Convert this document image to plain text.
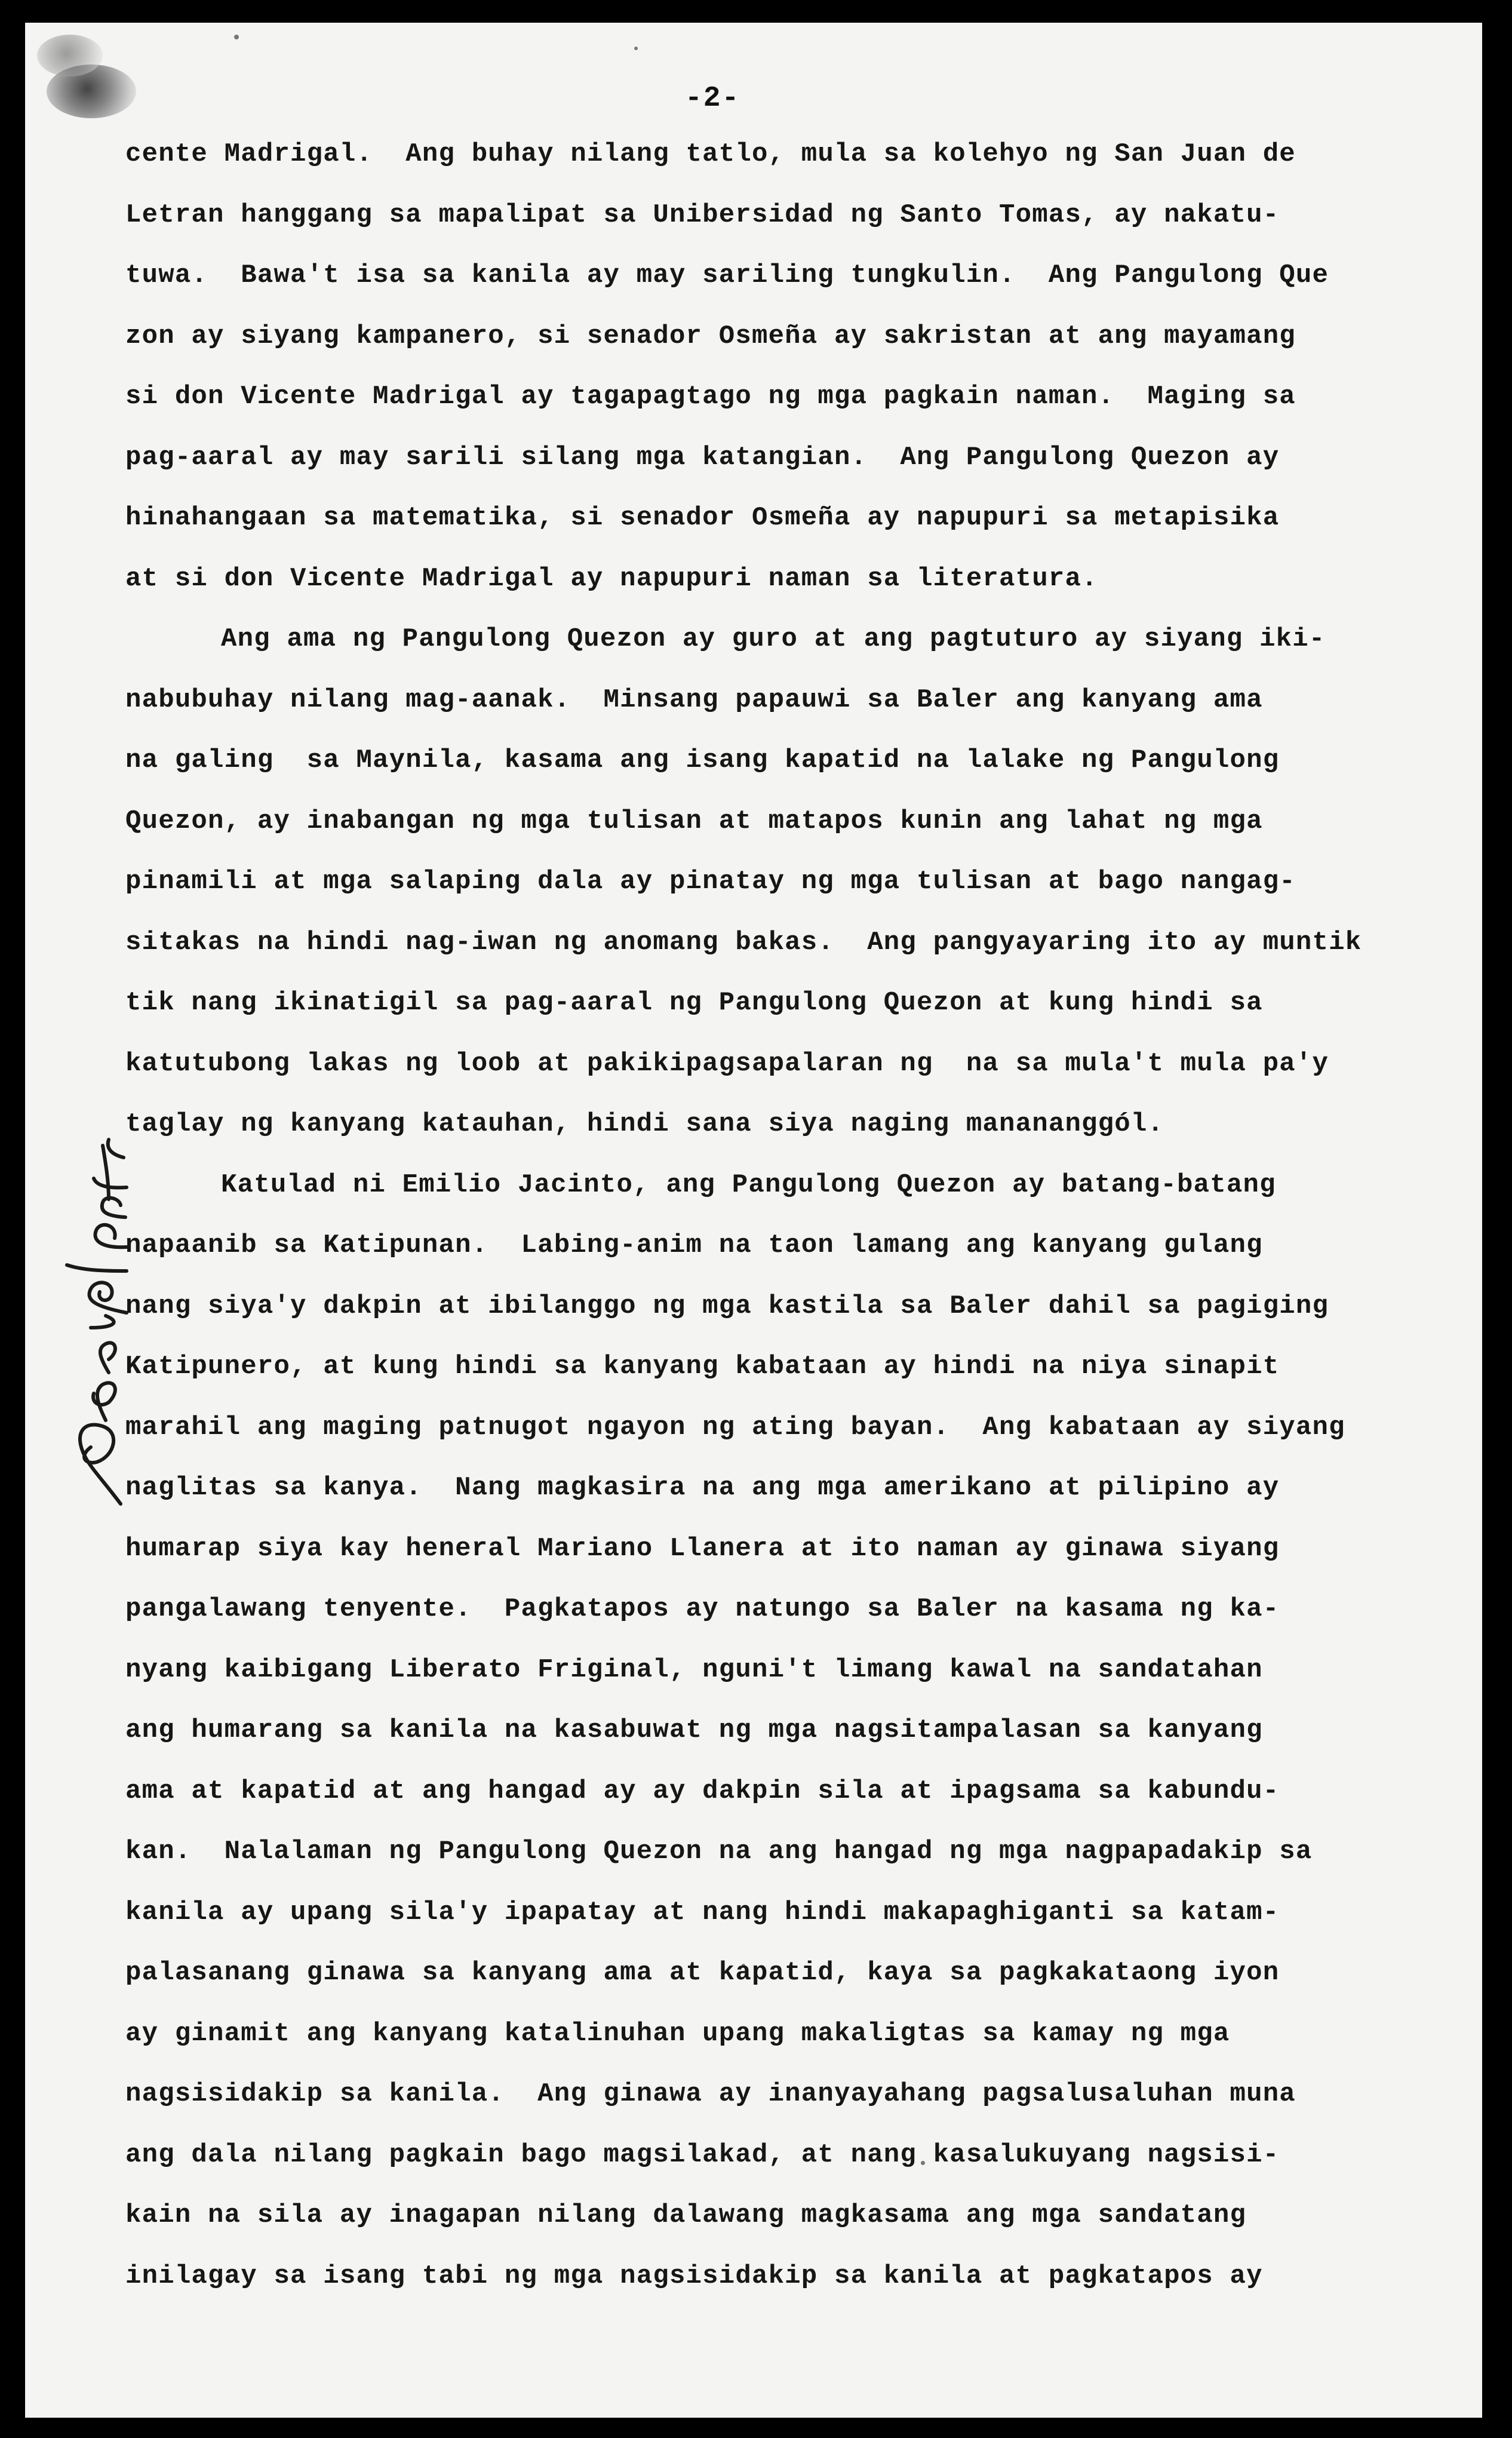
-2-
cente Madrigal.  Ang buhay nilang tatlo, mula sa kolehyo ng San Juan de
Letran hanggang sa mapalipat sa Unibersidad ng Santo Tomas, ay nakatu-
tuwa.  Bawa't isa sa kanila ay may sariling tungkulin.  Ang Pangulong Que
zon ay siyang kampanero, si senador Osmeña ay sakristan at ang mayamang
si don Vicente Madrigal ay tagapagtago ng mga pagkain naman.  Maging sa
pag-aaral ay may sarili silang mga katangian.  Ang Pangulong Quezon ay
hinahangaan sa matematika, si senador Osmeña ay napupuri sa metapisika
at si don Vicente Madrigal ay napupuri naman sa literatura.
Ang ama ng Pangulong Quezon ay guro at ang pagtuturo ay siyang iki-
nabubuhay nilang mag-aanak.  Minsang papauwi sa Baler ang kanyang ama
na galing  sa Maynila, kasama ang isang kapatid na lalake ng Pangulong
Quezon, ay inabangan ng mga tulisan at matapos kunin ang lahat ng mga
pinamili at mga salaping dala ay pinatay ng mga tulisan at bago nangag-
sitakas na hindi nag-iwan ng anomang bakas.  Ang pangyayaring ito ay muntik
tik nang ikinatigil sa pag-aaral ng Pangulong Quezon at kung hindi sa
katutubong lakas ng loob at pakikipagsapalaran ng  na sa mula't mula pa'y
taglay ng kanyang katauhan, hindi sana siya naging manananggól.
Katulad ni Emilio Jacinto, ang Pangulong Quezon ay batang-batang
napaanib sa Katipunan.  Labing-anim na taon lamang ang kanyang gulang
nang siya'y dakpin at ibilanggo ng mga kastila sa Baler dahil sa pagiging
Katipunero, at kung hindi sa kanyang kabataan ay hindi na niya sinapit
marahil ang maging patnugot ngayon ng ating bayan.  Ang kabataan ay siyang
naglitas sa kanya.  Nang magkasira na ang mga amerikano at pilipino ay
humarap siya kay heneral Mariano Llanera at ito naman ay ginawa siyang
pangalawang tenyente.  Pagkatapos ay natungo sa Baler na kasama ng ka-
nyang kaibigang Liberato Friginal, nguni't limang kawal na sandatahan
ang humarang sa kanila na kasabuwat ng mga nagsitampalasan sa kanyang
ama at kapatid at ang hangad ay ay dakpin sila at ipagsama sa kabundu-
kan.  Nalalaman ng Pangulong Quezon na ang hangad ng mga nagpapadakip sa
kanila ay upang sila'y ipapatay at nang hindi makapaghiganti sa katam-
palasanang ginawa sa kanyang ama at kapatid, kaya sa pagkakataong iyon
ay ginamit ang kanyang katalinuhan upang makaligtas sa kamay ng mga
nagsisidakip sa kanila.  Ang ginawa ay inanyayahang pagsalusaluhan muna
ang dala nilang pagkain bago magsilakad, at nang kasalukuyang nagsisi-
kain na sila ay inagapan nilang dalawang magkasama ang mga sandatang
inilagay sa isang tabi ng mga nagsisidakip sa kanila at pagkatapos ay
